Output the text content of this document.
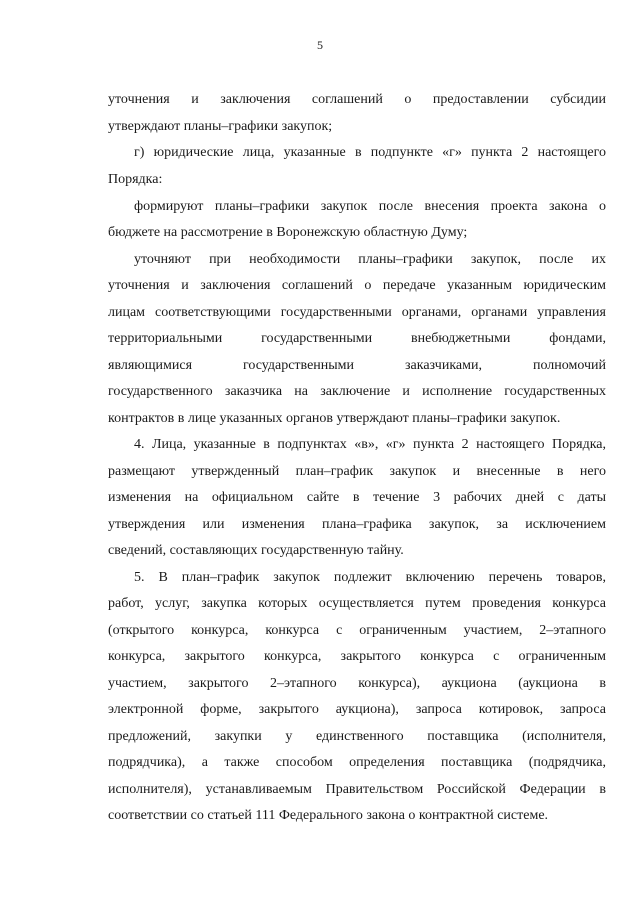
5
уточнения и заключения соглашений о предоставлении субсидии
утверждают планы–графики закупок;
г) юридические лица, указанные в подпункте «г» пункта 2 настоящего
Порядка:
формируют планы–графики закупок после внесения проекта закона о
бюджете на рассмотрение в Воронежскую областную Думу;
уточняют при необходимости планы–графики закупок, после их
уточнения и заключения соглашений о передаче указанным юридическим
лицам соответствующими государственными органами, органами управления
территориальными государственными внебюджетными фондами,
являющимися государственными заказчиками, полномочий
государственного заказчика на заключение и исполнение государственных
контрактов в лице указанных органов утверждают планы–графики закупок.
4. Лица, указанные в подпунктах «в», «г» пункта 2 настоящего Порядка,
размещают утвержденный план–график закупок и внесенные в него
изменения на официальном сайте в течение 3 рабочих дней с даты
утверждения или изменения плана–графика закупок, за исключением
сведений, составляющих государственную тайну.
5. В план–график закупок подлежит включению перечень товаров,
работ, услуг, закупка которых осуществляется путем проведения конкурса
(открытого конкурса, конкурса с ограниченным участием, 2–этапного
конкурса, закрытого конкурса, закрытого конкурса с ограниченным
участием, закрытого 2–этапного конкурса), аукциона (аукциона в
электронной форме, закрытого аукциона), запроса котировок, запроса
предложений, закупки у единственного поставщика (исполнителя,
подрядчика), а также способом определения поставщика (подрядчика,
исполнителя), устанавливаемым Правительством Российской Федерации в
соответствии со статьей 111 Федерального закона о контрактной системе.
